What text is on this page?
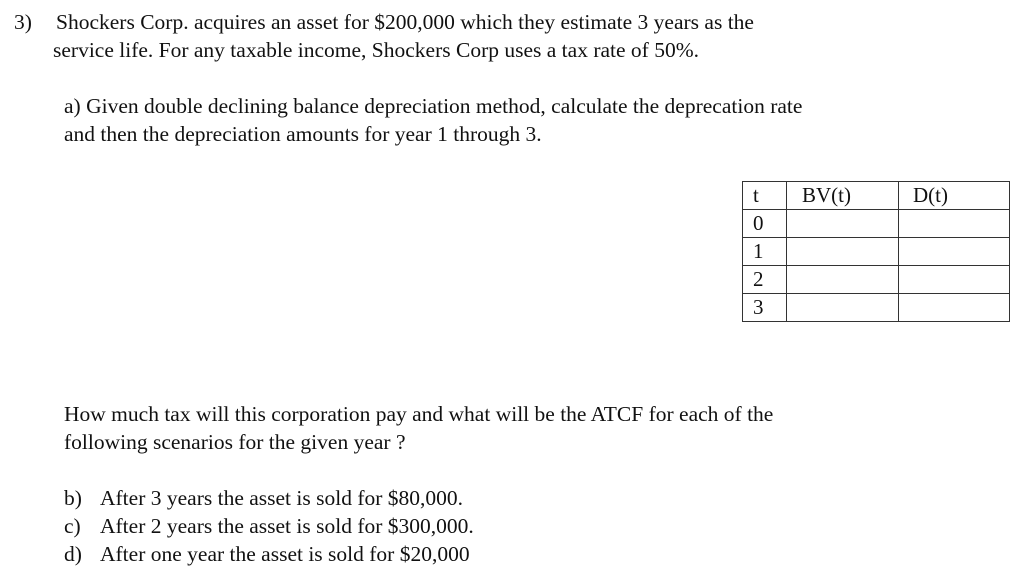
3) Shockers Corp. acquires an asset for $200,000 which they estimate 3 years as the
service life. For any taxable income, Shockers Corp uses a tax rate of 50%.
a) Given double declining balance depreciation method, calculate the deprecation rate
and then the depreciation amounts for year 1 through 3.
t	BV(t)	D(t)
0		
1		
2		
3		
How much tax will this corporation pay and what will be the ATCF for each of the
following scenarios for the given year ?
b) After 3 years the asset is sold for $80,000.
c) After 2 years the asset is sold for $300,000.
d) After one year the asset is sold for $20,000
